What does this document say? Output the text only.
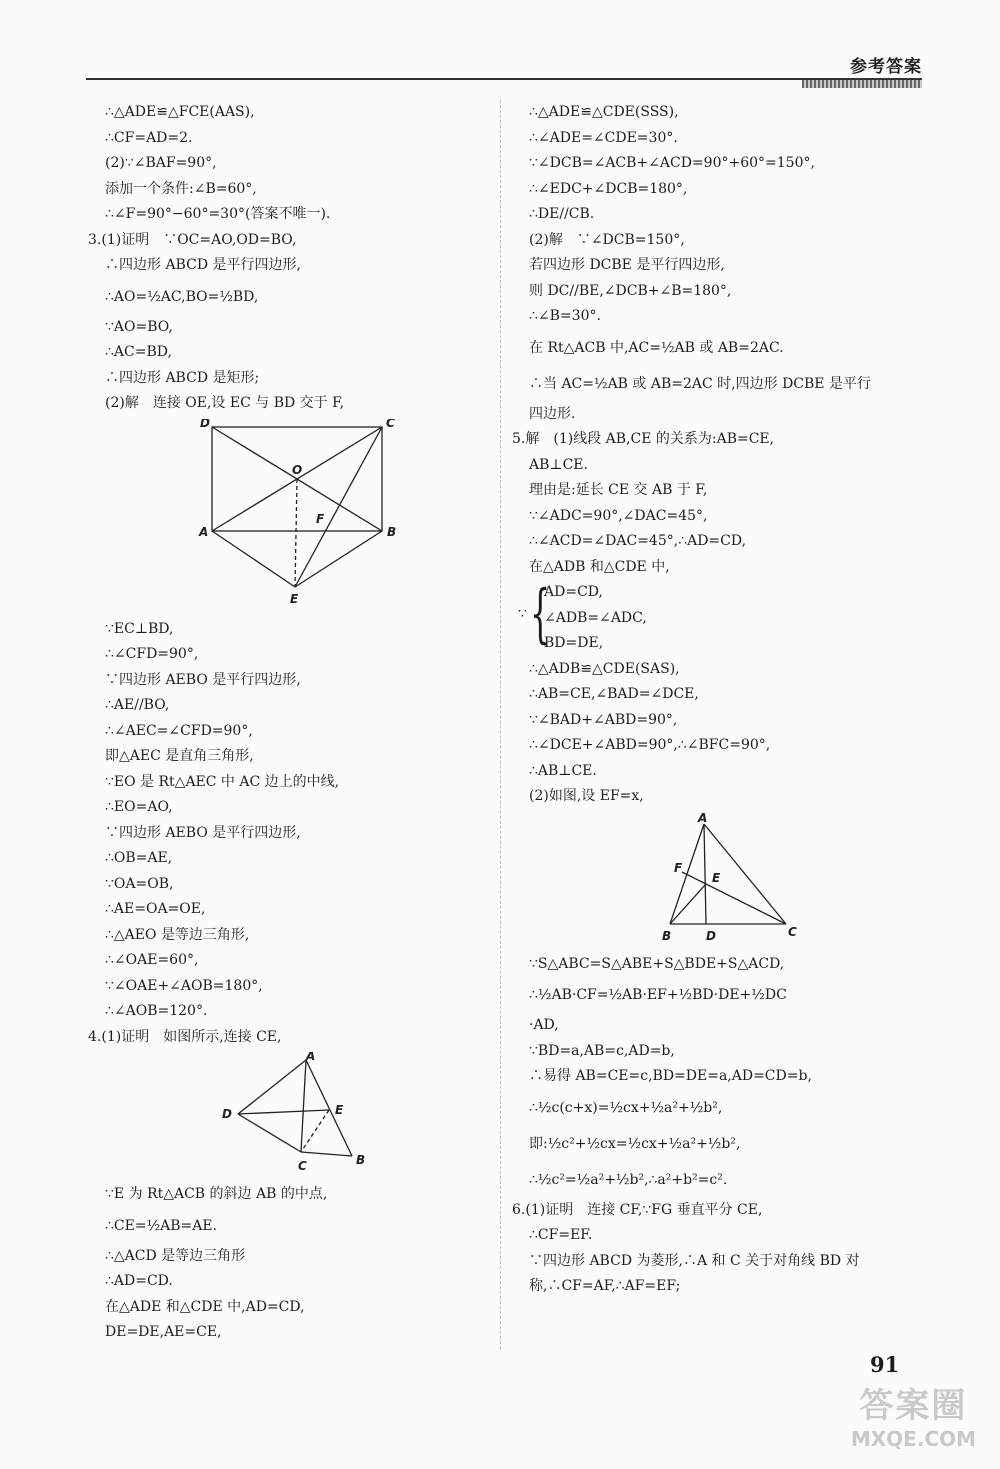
参考答案
∴△ADE≌△FCE(AAS),
∴CF=AD=2.
(2)∵∠BAF=90°,
添加一个条件:∠B=60°,
∴∠F=90°−60°=30°(答案不唯一).
3.(1)证明　∵OC=AO,OD=BO,
∴四边形 ABCD 是平行四边形,
∴AO=½AC,BO=½BD,
∵AO=BO,
∴AC=BD,
∴四边形 ABCD 是矩形;
(2)解　连接 OE,设 EC 与 BD 交于 F,
D	C
O
F
A	B
E
∵EC⊥BD,
∴∠CFD=90°,
∵四边形 AEBO 是平行四边形,
∴AE//BO,
∴∠AEC=∠CFD=90°,
即△AEC 是直角三角形,
∵EO 是 Rt△AEC 中 AC 边上的中线,
∴EO=AO,
∵四边形 AEBO 是平行四边形,
∴OB=AE,
∵OA=OB,
∴AE=OA=OE,
∴△AEO 是等边三角形,
∴∠OAE=60°,
∵∠OAE+∠AOB=180°,
∴∠AOB=120°.
4.(1)证明　如图所示,连接 CE,
A
D	E
C	B
∵E 为 Rt△ACB 的斜边 AB 的中点,
∴CE=½AB=AE.
∴△ACD 是等边三角形
∴AD=CD.
在△ADE 和△CDE 中,AD=CD,
DE=DE,AE=CE,
∴△ADE≌△CDE(SSS),
∴∠ADE=∠CDE=30°.
∵∠DCB=∠ACB+∠ACD=90°+60°=150°,
∴∠EDC+∠DCB=180°,
∴DE//CB.
(2)解　∵∠DCB=150°,
若四边形 DCBE 是平行四边形,
则 DC//BE,∠DCB+∠B=180°,
∴∠B=30°.
在 Rt△ACB 中,AC=½AB 或 AB=2AC.
∴当 AC=½AB 或 AB=2AC 时,四边形 DCBE 是平行
四边形.
5.解　(1)线段 AB,CE 的关系为:AB=CE,
AB⊥CE.
理由是:延长 CE 交 AB 于 F,
∵∠ADC=90°,∠DAC=45°,
∴∠ACD=∠DAC=45°,∴AD=CD,
在△ADB 和△CDE 中,
∵ {
AD=CD,
∠ADB=∠ADC,
BD=DE,
∴△ADB≌△CDE(SAS),
∴AB=CE,∠BAD=∠DCE,
∵∠BAD+∠ABD=90°,
∴∠DCE+∠ABD=90°,∴∠BFC=90°,
∴AB⊥CE.
(2)如图,设 EF=x,
A
F
E
B	D	C
∵S△ABC=S△ABE+S△BDE+S△ACD,
∴½AB·CF=½AB·EF+½BD·DE+½DC
·AD,
∵BD=a,AB=c,AD=b,
∴易得 AB=CE=c,BD=DE=a,AD=CD=b,
∴½c(c+x)=½cx+½a²+½b²,
即:½c²+½cx=½cx+½a²+½b²,
∴½c²=½a²+½b²,∴a²+b²=c².
6.(1)证明　连接 CF,∵FG 垂直平分 CE,
∴CF=EF.
∵四边形 ABCD 为菱形,∴A 和 C 关于对角线 BD 对
称,∴CF=AF,∴AF=EF;
91
答案圈
MXQE.COM
